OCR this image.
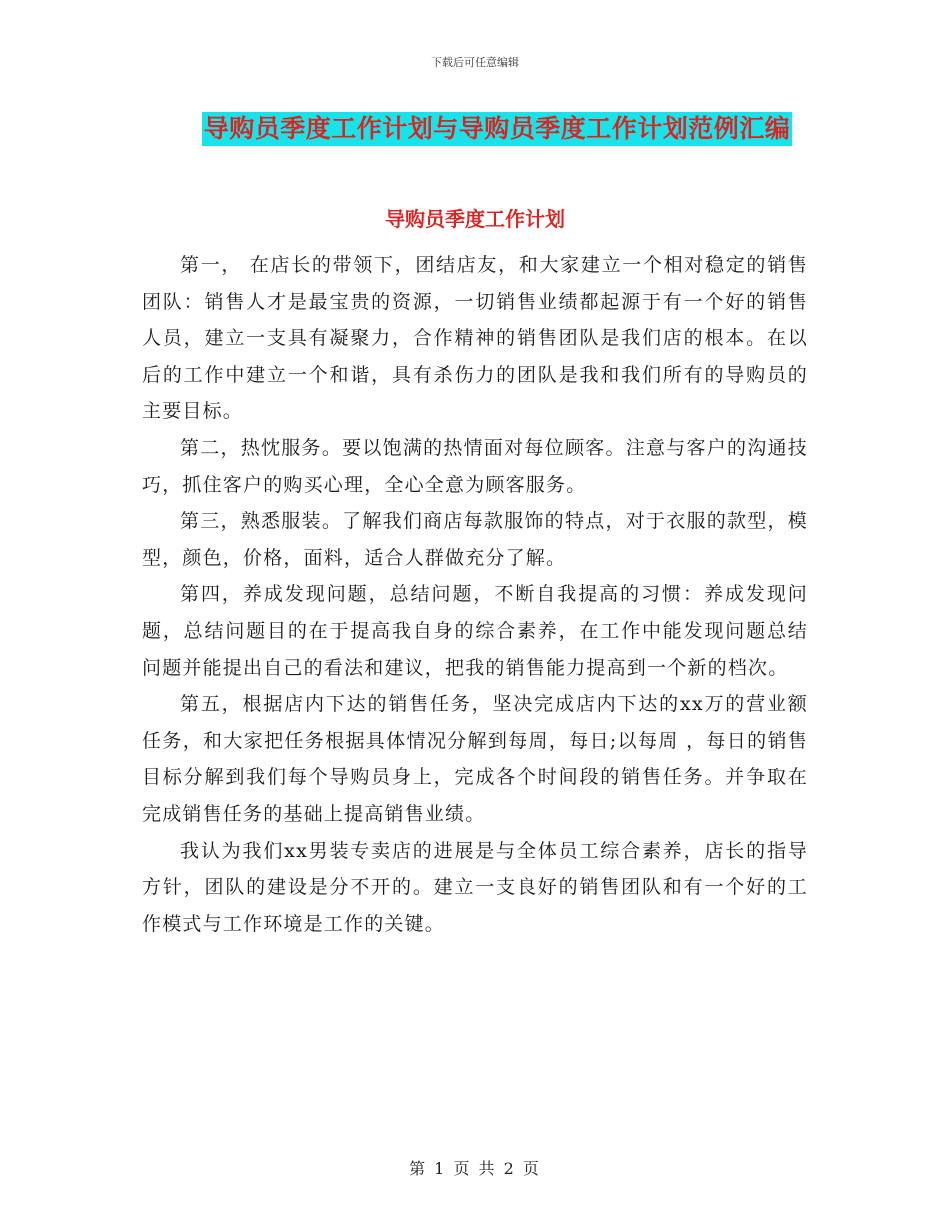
下载后可任意编辑
导购员季度工作计划与导购员季度工作计划范例汇编
导购员季度工作计划

第一， 在店长的带领下，团结店友，和大家建立一个相对稳定的销售团队：销售人才是最宝贵的资源，一切销售业绩都起源于有一个好的销售人员，建立一支具有凝聚力，合作精神的销售团队是我们店的根本。在以后的工作中建立一个和谐，具有杀伤力的团队是我和我们所有的导购员的主要目标。

第二，热忱服务。要以饱满的热情面对每位顾客。注意与客户的沟通技巧，抓住客户的购买心理，全心全意为顾客服务。

第三，熟悉服装。了解我们商店每款服饰的特点，对于衣服的款型，模型，颜色，价格，面料，适合人群做充分了解。

第四，养成发现问题，总结问题，不断自我提高的习惯：养成发现问题，总结问题目的在于提高我自身的综合素养，在工作中能发现问题总结问题并能提出自己的看法和建议，把我的销售能力提高到一个新的档次。

第五，根据店内下达的销售任务，坚决完成店内下达的xx万的营业额任务，和大家把任务根据具体情况分解到每周，每日;以每周 ，每日的销售目标分解到我们每个导购员身上，完成各个时间段的销售任务。并争取在完成销售任务的基础上提高销售业绩。

我认为我们xx男装专卖店的进展是与全体员工综合素养，店长的指导方针，团队的建设是分不开的。建立一支良好的销售团队和有一个好的工作模式与工作环境是工作的关键。

第 1 页 共 2 页
